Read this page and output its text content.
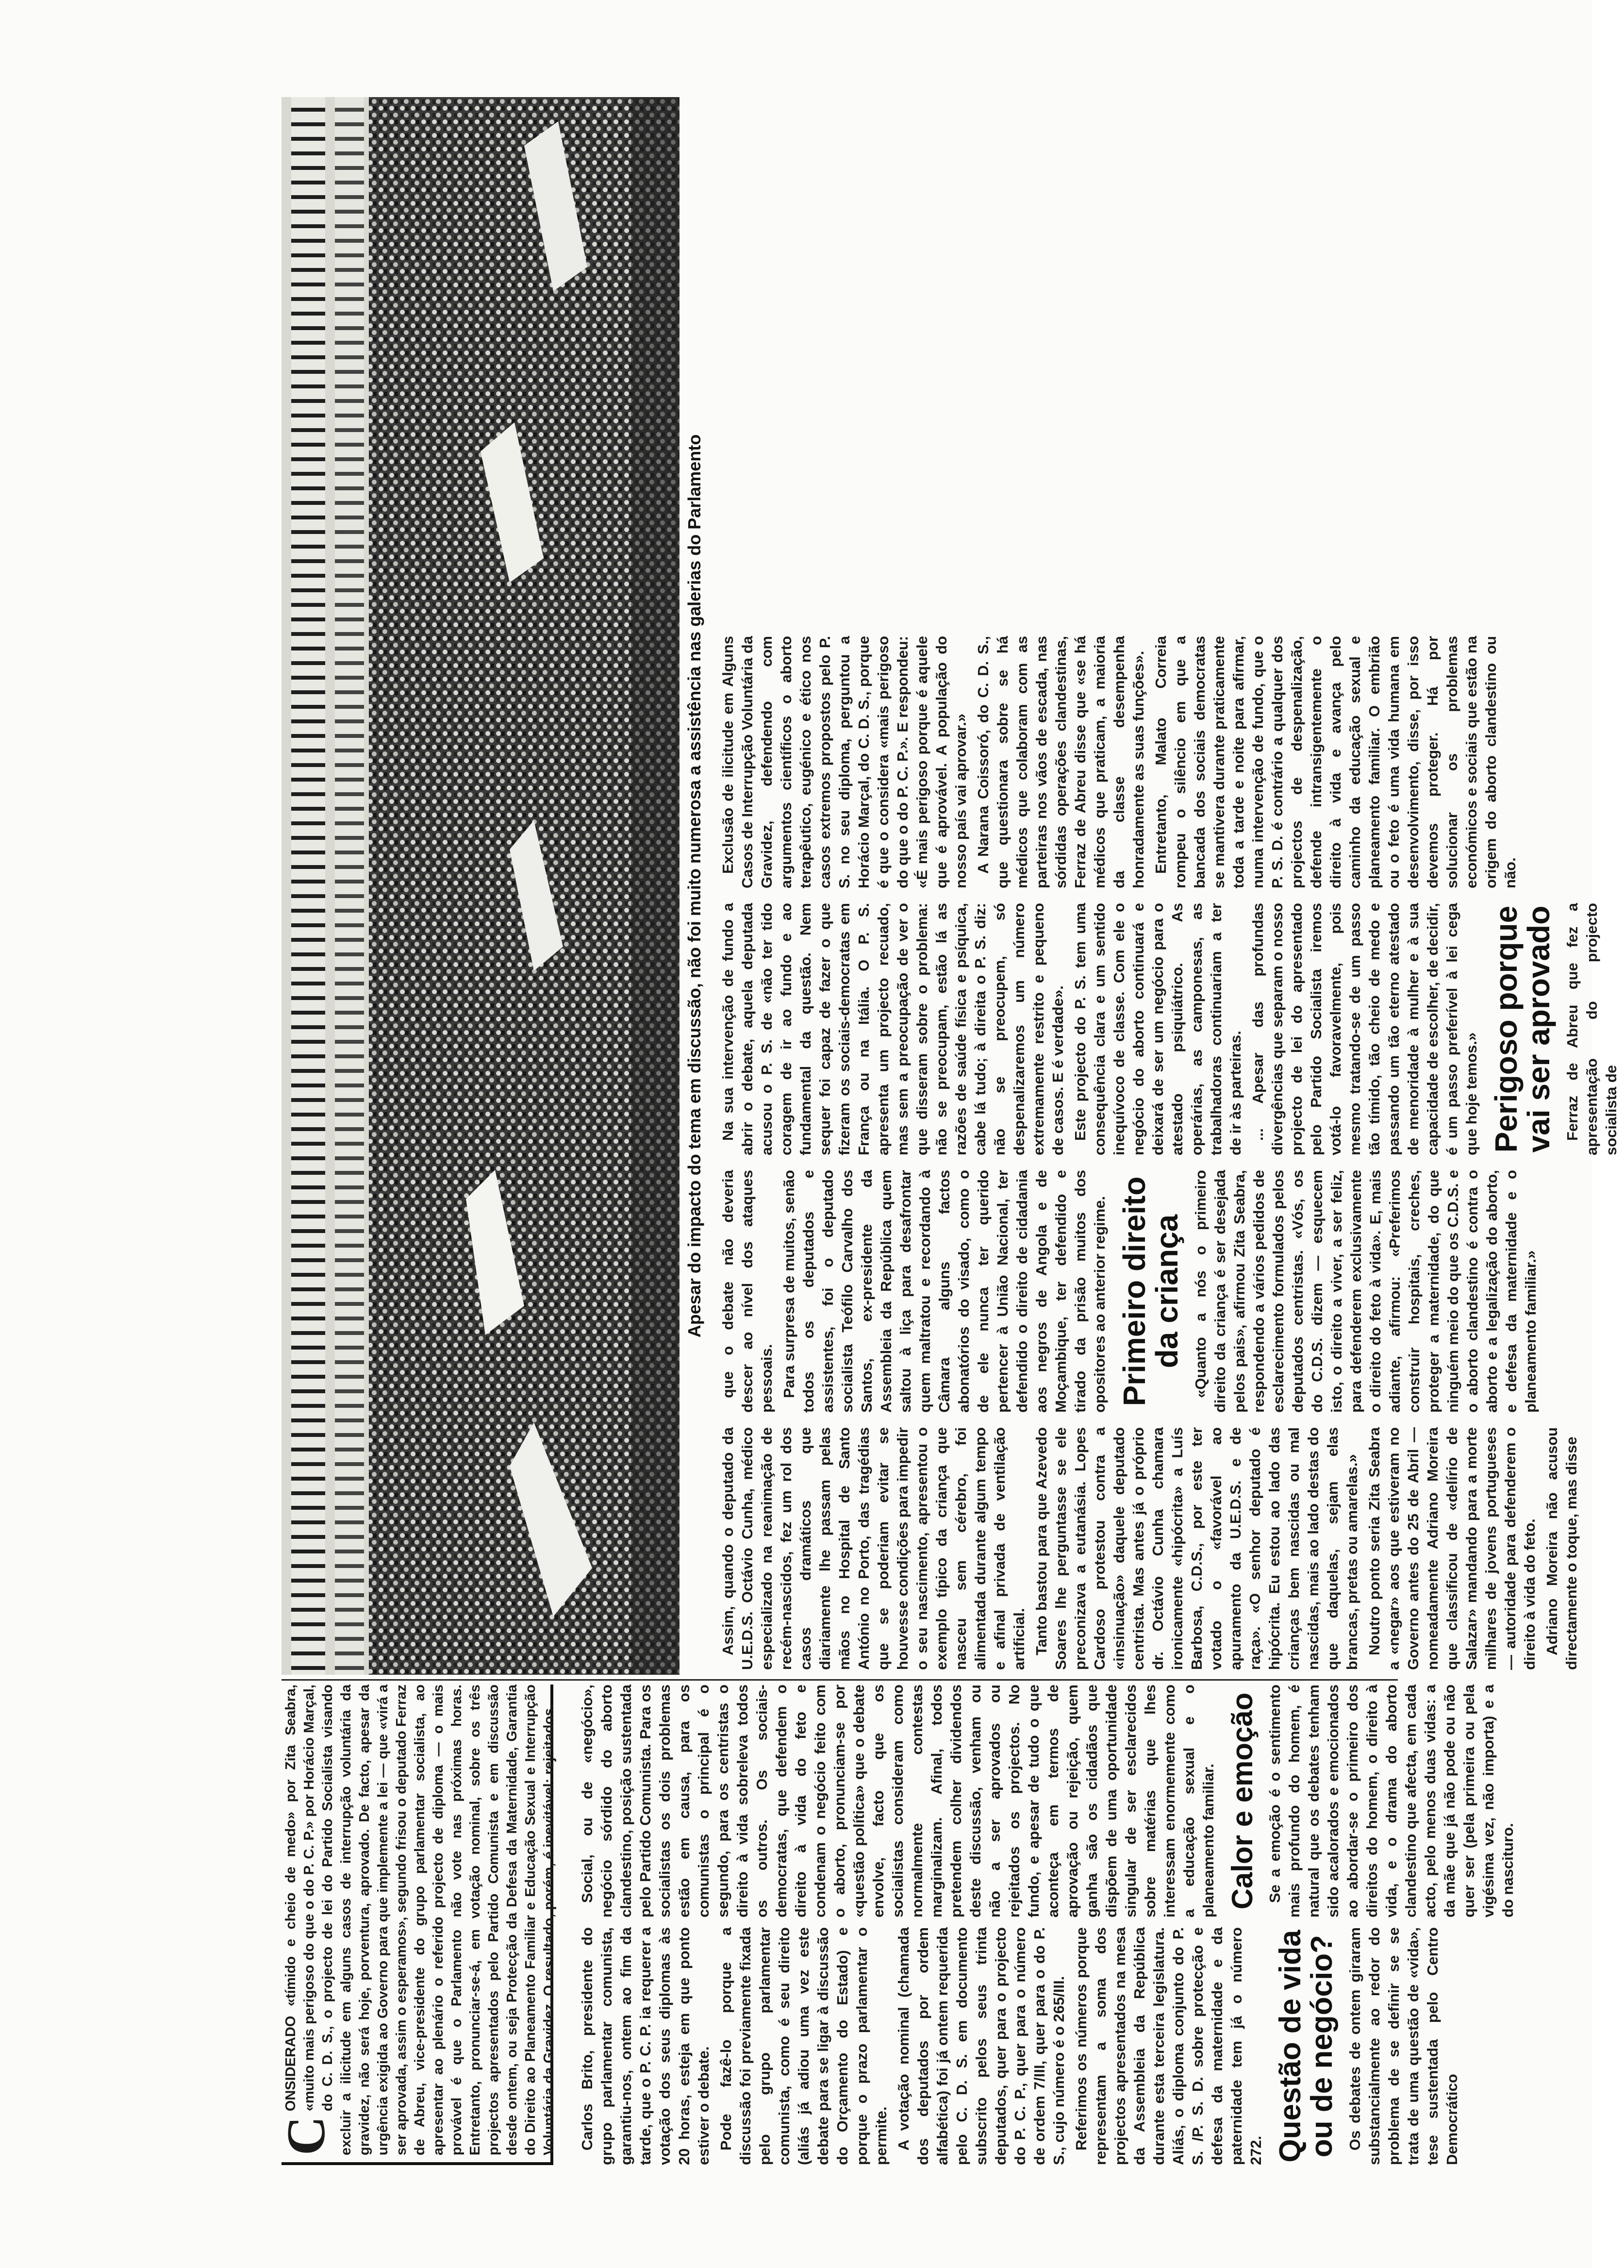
Apesar do impacto do tema em discussão, não foi muito numerosa a assistência nas galerias do Parlamento
C
ONSIDERADO «tímido e cheio de medo» por Zita Seabra, «muito mais perigoso do que o do P. C. P.» por Horácio Marçal, do C. D. S., o projecto de lei do Partido Socialista visando excluir a ilicitude em alguns casos de interrupção voluntária da gravidez, não será hoje, porventura, aprovado. De facto, apesar da urgência exigida ao Governo para que implemente a lei — que «virá a ser aprovada, assim o esperamos», segundo frisou o deputado Ferraz de Abreu, vice-presidente do grupo parlamentar socialista, ao apresentar ao plenário o referido projecto de diploma — o mais provável é que o Parlamento não vote nas próximas horas. Entretanto, pronunciar-se-á, em votação nominal, sobre os três projectos apresentados pelo Partido Comunista e em discussão desde ontem, ou seja Protecção da Defesa da Maternidade, Garantia do Direito ao Planeamento Familiar e Educação Sexual e Interrupção Voluntária da Gravidez. O resultado, porém, é inevitável: rejeitados. Carlos Brito, presidente do grupo parlamentar comunista, garantiu-nos, ontem ao fim da tarde, que o P. C. P. ia requerer a votação dos seus diplomas às 20 horas, esteja em que ponto estiver o debate. Pode fazê-lo porque a discussão foi previamente fixada pelo grupo parlamentar comunista, como é seu direito (aliás já adiou uma vez este debate para se ligar à discussão do Orçamento do Estado) e porque o prazo parlamentar o permite. A votação nominal (chamada dos deputados por ordem alfabética) foi já ontem requerida pelo C. D. S. em documento subscrito pelos seus trinta deputados, quer para o projecto do P. C. P., quer para o número de ordem 7/III, quer para o do P. S., cujo número é o 265/III. Referimos os números porque representam a soma dos projectos apresentados na mesa da Assembleia da República durante esta terceira legislatura. Aliás, o diploma conjunto do P. S. /P. S. D. sobre protecção e defesa da maternidade e da paternidade tem já o número 272. Questão de vida ou de negócio? Os debates de ontem giraram substancialmente ao redor do problema de se definir se se trata de uma questão de «vida», tese sustentada pelo Centro Democrático

Social, ou de «negócio», negócio sórdido do aborto clandestino, posição sustentada pelo Partido Comunista. Para os socialistas os dois problemas estão em causa, para os comunistas o principal é o segundo, para os centristas o direito à vida sobreleva todos os outros. Os sociais-democratas, que defendem o direito à vida do feto e condenam o negócio feito com o aborto, pronunciam-se por «questão política» que o debate envolve, facto que os socialistas consideram como normalmente contestas marginalizam. Afinal, todos pretendem colher dividendos deste discussão, venham ou não a ser aprovados ou rejeitados os projectos. No fundo, e apesar de tudo o que aconteça em termos de aprovação ou rejeição, quem ganha são os cidadãos que dispõem de uma oportunidade singular de ser esclarecidos sobre matérias que lhes interessam enormemente como a educação sexual e o planeamento familiar. Calor e emoção Se a emoção é o sentimento mais profundo do homem, é natural que os debates tenham sido acalorados e emocionados ao abordar-se o primeiro dos direitos do homem, o direito à vida, e o drama do aborto clandestino que afecta, em cada acto, pelo menos duas vidas: a da mãe que já não pode ou não quer ser (pela primeira ou pela vigésima vez, não importa) e a do nascituro.

Assim, quando o deputado da U.E.D.S. Octávio Cunha, médico especializado na reanimação de recém-nascidos, fez um rol dos casos dramáticos que diariamente lhe passam pelas mãos no Hospital de Santo António no Porto, das tragédias que se poderiam evitar se houvesse condições para impedir o seu nascimento, apresentou o exemplo típico da criança que nasceu sem cérebro, foi alimentada durante algum tempo e afinal privada de ventilação artificial. Tanto bastou para que Azevedo Soares lhe perguntasse se ele preconizava a eutanásia. Lopes Cardoso protestou contra a «insinuação» daquele deputado centrista. Mas antes já o próprio dr. Octávio Cunha chamara ironicamente «hipócrita» a Luís Barbosa, C.D.S., por este ter votado o «favorável ao apuramento da U.E.D.S. e de raça». «O senhor deputado é hipócrita. Eu estou ao lado das crianças bem nascidas ou mal nascidas, mais ao lado destas do que daquelas, sejam elas brancas, pretas ou amarelas.» Noutro ponto seria Zita Seabra a «negar» aos que estiveram no Governo antes do 25 de Abril — nomeadamente Adriano Moreira que classificou de «delírio de Salazar» mandando para a morte milhares de jovens portugueses — autoridade para defenderem o direito à vida do feto. Adriano Moreira não acusou directamente o toque, mas disse

que o debate não deveria descer ao nível dos ataques pessoais. Para surpresa de muitos, senão todos os deputados e assistentes, foi o deputado socialista Teófilo Carvalho dos Santos, ex-presidente da Assembleia da República quem saltou à liça para desafrontar quem maltratou e recordando à Câmara alguns factos abonatórios do visado, como o de ele nunca ter querido pertencer à União Nacional, ter defendido o direito de cidadania aos negros de Angola e de Moçambique, ter defendido e tirado da prisão muitos dos opositores ao anterior regime. Primeiro direito da criança «Quanto a nós o primeiro direito da criança é ser desejada pelos pais», afirmou Zita Seabra, respondendo a vários pedidos de esclarecimento formulados pelos deputados centristas. «Vós, os do C.D.S. dizem — esquecem isto, o direito a viver, a ser feliz, para defenderem exclusivamente o direito do feto à vida». E, mais adiante, afirmou: «Preferimos construir hospitais, creches, proteger a maternidade, do que ninguém meio do que os C.D.S. e o aborto clandestino é contra o aborto e a legalização do aborto, e defesa da maternidade e o planeamento familiar.»

Na sua intervenção de fundo a abrir o debate, aquela deputada acusou o P. S. de «não ter tido coragem de ir ao fundo e ao fundamental da questão. Nem sequer foi capaz de fazer o que fizeram os sociais-democratas em França ou na Itália. O P. S. apresenta um projecto recuado, mas sem a preocupação de ver o que disseram sobre o problema: não se preocupam, estão lá as razões de saúde física e psíquica, cabe lá tudo; à direita o P. S. diz: não se preocupem, só despenalizaremos um número extremamente restrito e pequeno de casos. E é verdade». Este projecto do P. S. tem uma consequência clara e um sentido inequívoco de classe. Com ele o negócio do aborto continuará e deixará de ser um negócio para o atestado psiquiátrico. As operárias, as camponesas, as trabalhadoras continuariam a ter de ir às parteiras. ... Apesar das profundas divergências que separam o nosso projecto de lei do apresentado pelo Partido Socialista iremos votá-lo favoravelmente, pois mesmo tratando-se de um passo tão tímido, tão cheio de medo e passando um tão eterno atestado de menoridade à mulher e à sua capacidade de escolher, de decidir, é um passo preferível à lei cega que hoje temos.» Perigoso porque vai ser aprovado Ferraz de Abreu que fez a apresentação do projecto socialista de

Exclusão de ilicitude em Alguns Casos de Interrupção Voluntária da Gravidez, defendendo com argumentos científicos o aborto terapêutico, eugénico e ético nos casos extremos propostos pelo P. S. no seu diploma, perguntou a Horácio Marçal, do C. D. S., porque é que o considera «mais perigoso do que o do P. C. P.». E respondeu: «É mais perigoso porque é aquele que é aprovável. A população do nosso país vai aprovar.» A Narana Coissoró, do C. D. S., que questionara sobre se há médicos que colaboram com as parteiras nos vãos de escada, nas sórdidas operações clandestinas, Ferraz de Abreu disse que «se há médicos que praticam, a maioria da classe desempenha honradamente as suas funções». Entretanto, Malato Correia rompeu o silêncio em que a bancada dos sociais democratas se mantivera durante praticamente toda a tarde e noite para afirmar, numa intervenção de fundo, que o P. S. D. é contrário a qualquer dos projectos de despenalização, defende intransigentemente o direito à vida e avança pelo caminho da educação sexual e planeamento familiar. O embrião ou o feto é uma vida humana em desenvolvimento, disse, por isso devemos proteger. Há por solucionar os problemas económicos e sociais que estão na origem do aborto clandestino ou não.
